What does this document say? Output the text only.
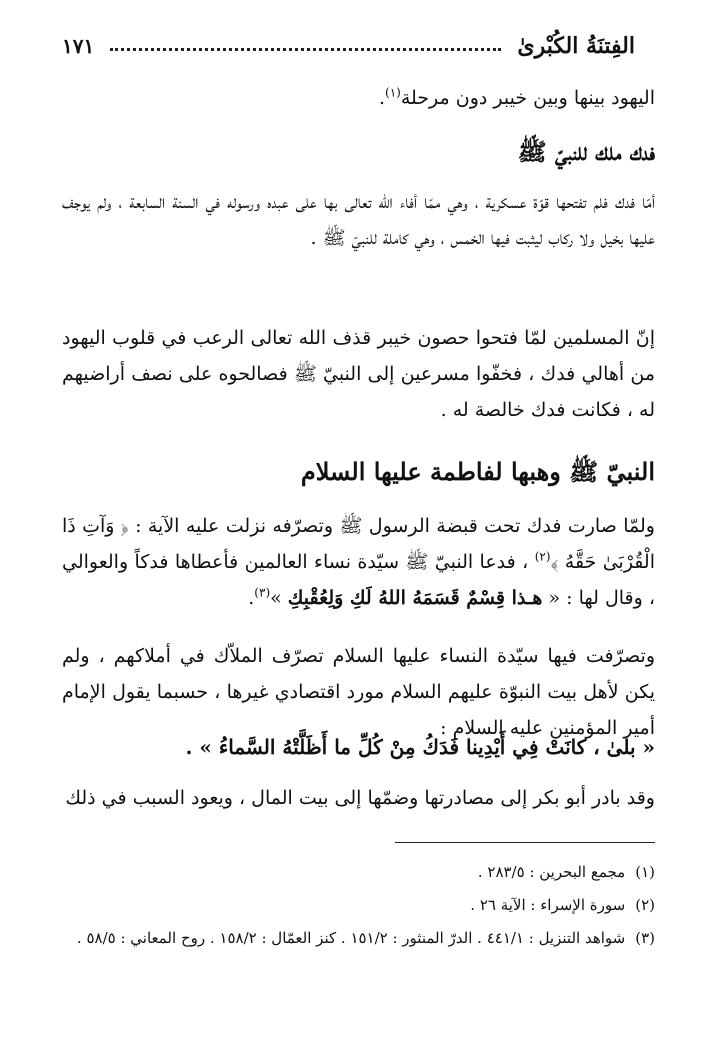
الفِتنَةُ الكُبْرىٰ
١٧١
اليهود بينها وبين خيبر دون مرحلة$^{(١)}$.
فدك ملك للنبيّ ﷺ

أمّا فدك فلم تفتحها قوّة عسكرية ، وهي ممّا أفاء الله تعالى بها على عبده ورسوله في السنة السابعة ، ولم يوجف عليها بخيل ولا ركاب ليثبت فيها الخمس ، وهي كاملة للنبيّ ﷺ .

إنّ المسلمين لمّا فتحوا حصون خيبر قذف الله تعالى الرعب في قلوب اليهود من أهالي فدك ، فخفّوا مسرعين إلى النبيّ ﷺ فصالحوه على نصف أراضيهم له ، فكانت فدك خالصة له .

النبيّ ﷺ وهبها لفاطمة عليها السلام

ولمّا صارت فدك تحت قبضة الرسول ﷺ وتصرّفه نزلت عليه الآية : ﴿ وَآتِ ذَا الْقُرْبَىٰ حَقَّهُ ﴾$^{(٢)}$ ، فدعا النبيّ ﷺ سيّدة نساء العالمين فأعطاها فدكاً والعوالي ، وقال لها : « هـذا قِسْمٌ قَسَمَهُ اللهُ لَكِ وَلِعُقْبِكِ »$^{(٣)}$.

وتصرّفت فيها سيّدة النساء عليها السلام تصرّف الملاّك في أملاكهم ، ولم يكن لأهل بيت النبوّة عليهم السلام مورد اقتصادي غيرها ، حسبما يقول الإمام أمير المؤمنين عليه السلام :

« بلىٰ ، كانَتْ فِي أَيْدِينا فَدَكُ مِنْ كُلِّ ما أَظَلَّتْهُ السَّماءُ » .

وقد بادر أبو بكر إلى مصادرتها وضمّها إلى بيت المال ، ويعود السبب في ذلك

(١)
مجمع البحرين : ٢٨٣/٥ .
(٢)
سورة الإسراء : الآية ٢٦ .
(٣)
شواهد التنزيل : ٤٤١/١ . الدرّ المنثور : ١٥١/٢ . كنز العمّال : ١٥٨/٢ . روح المعاني : ٥٨/٥ .
